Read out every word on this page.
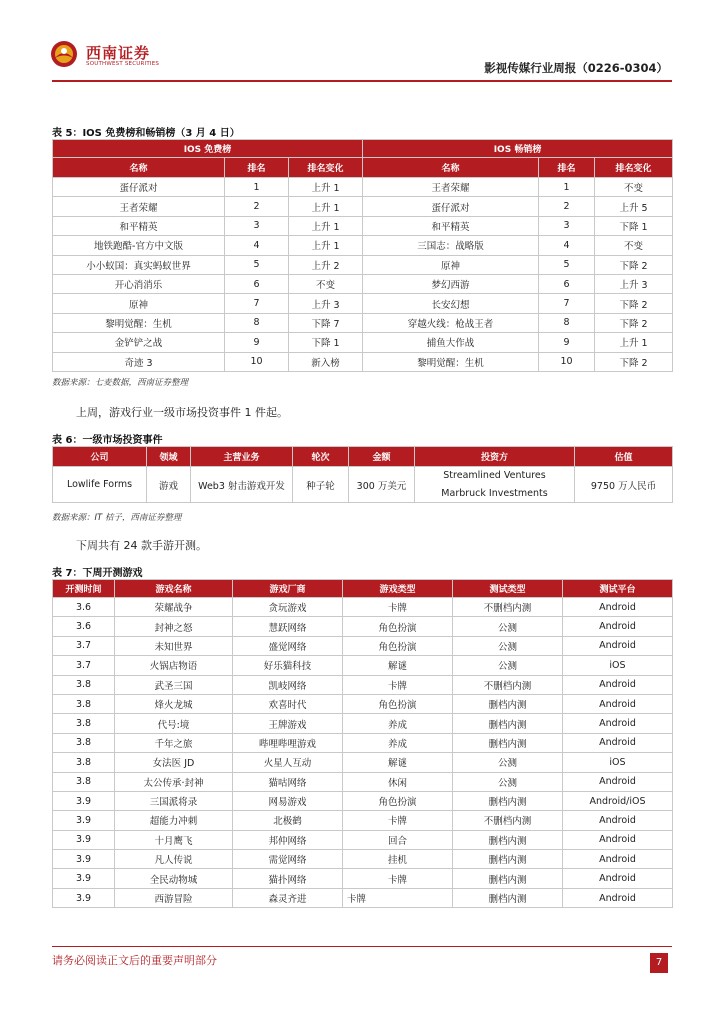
西南证券
SOUTHWEST SECURITIES	影视传媒行业周报（0226-0304）
表 5：IOS 免费榜和畅销榜（3 月 4 日）
IOS 免费榜			IOS 畅销榜		
名称	排名	排名变化	名称	排名	排名变化
蛋仔派对	1	上升 1	王者荣耀	1	不变
王者荣耀	2	上升 1	蛋仔派对	2	上升 5
和平精英	3	上升 1	和平精英	3	下降 1
地铁跑酷-官方中文版	4	上升 1	三国志：战略版	4	不变
小小蚁国：真实蚂蚁世界	5	上升 2	原神	5	下降 2
开心消消乐	6	不变	梦幻西游	6	上升 3
原神	7	上升 3	长安幻想	7	下降 2
黎明觉醒：生机	8	下降 7	穿越火线：枪战王者	8	下降 2
金铲铲之战	9	下降 1	捕鱼大作战	9	上升 1
奇迹 3	10	新入榜	黎明觉醒：生机	10	下降 2
数据来源：七麦数据，西南证券整理
上周，游戏行业一级市场投资事件 1 件起。
表 6：一级市场投资事件
公司	领域	主营业务	轮次	金额	投资方	估值
Lowlife Forms	游戏	Web3 射击游戏开发	种子轮	300 万美元	Streamlined Ventures	9750 万人民币
					Marbruck Investments	
数据来源：IT 桔子，西南证券整理
下周共有 24 款手游开测。
表 7：下周开测游戏
开测时间	游戏名称	游戏厂商	游戏类型	测试类型	测试平台
3.6	荣耀战争	贪玩游戏	卡牌	不删档内测	Android
3.6	封神之怒	慧跃网络	角色扮演	公测	Android
3.7	未知世界	盛觉网络	角色扮演	公测	Android
3.7	火锅店物语	好乐猫科技	解谜	公测	iOS
3.8	武圣三国	凯岐网络	卡牌	不删档内测	Android
3.8	烽火龙城	欢喜时代	角色扮演	删档内测	Android
3.8	代号:境	王牌游戏	养成	删档内测	Android
3.8	千年之旅	哔哩哔哩游戏	养成	删档内测	Android
3.8	女法医 JD	火星人互动	解谜	公测	iOS
3.8	太公传承·封神	猫咕网络	休闲	公测	Android
3.9	三国派将录	网易游戏	角色扮演	删档内测	Android/iOS
3.9	超能力冲刺	北极鹤	卡牌	不删档内测	Android
3.9	十月鹰飞	邦仲网络	回合	删档内测	Android
3.9	凡人传说	需觉网络	挂机	删档内测	Android
3.9	全民动物城	猫扑网络	卡牌	删档内测	Android
3.9	西游冒险	森灵齐进	卡牌	删档内测	Android
请务必阅读正文后的重要声明部分	7
